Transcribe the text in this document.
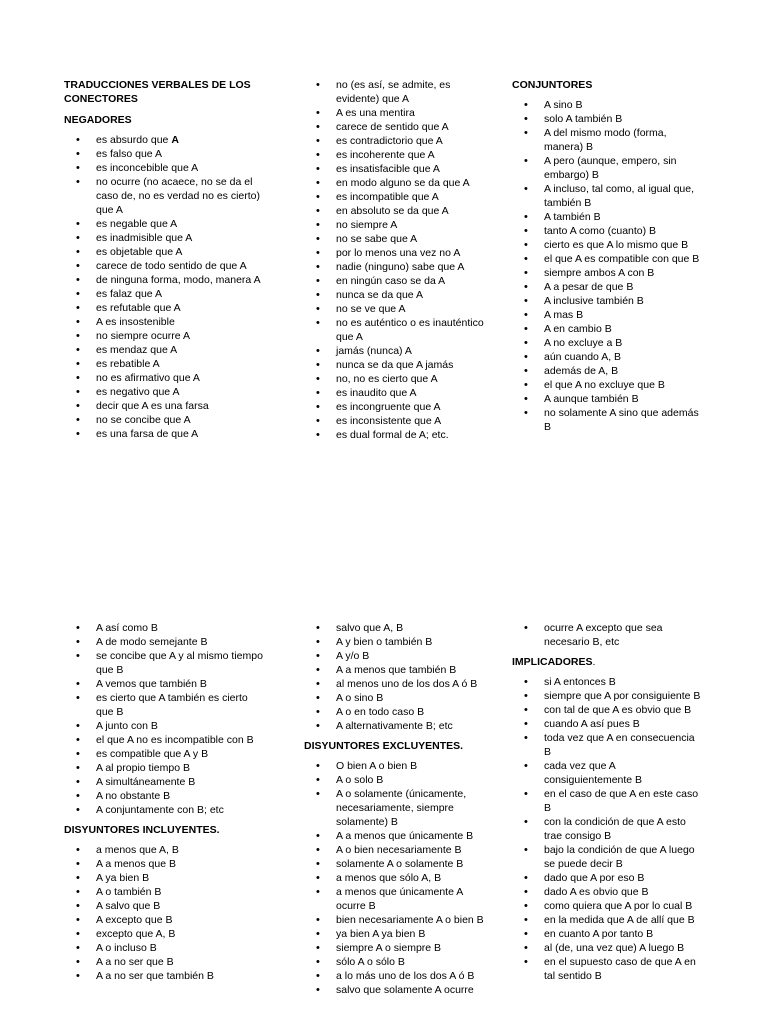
TRADUCCIONES VERBALES DE LOS CONECTORES

NEGADORES

• es absurdo que A
• es falso que A
• es inconcebible que A
• no ocurre (no acaece, no se da el caso de, no es verdad no es cierto) que A
• es negable que A
• es inadmisible que A
• es objetable que A
• carece de todo sentido de que A
• de ninguna forma, modo, manera A
• es falaz que A
• es refutable que A
• A es insostenible
• no siempre ocurre A
• es mendaz que A
• es rebatible A
• no es afirmativo que A
• es negativo que A
• decir que A es una farsa
• no se concibe que A
• es una farsa de que A
• no (es así, se admite, es evidente) que A
• A es una mentira
• carece de sentido que A
• es contradictorio que A
• es incoherente que A
• es insatisfacible que A
• en modo alguno se da que A
• es incompatible que A
• en absoluto se da que A
• no siempre A
• no se sabe que A
• por lo menos una vez no A
• nadie (ninguno) sabe que A
• en ningún caso se da A
• nunca se da que A
• no se ve que A
• no es auténtico o es inauténtico que A
• jamás (nunca) A
• nunca se da que A jamás
• no, no es cierto que A
• es inaudito que A
• es incongruente que A
• es inconsistente que A
• es dual formal de A; etc.

CONJUNTORES

• A sino B
• solo A también B
• A del mismo modo (forma, manera) B
• A pero (aunque, empero, sin embargo) B
• A incluso, tal como, al igual que, también B
• A también B
• tanto A como (cuanto) B
• cierto es que A lo mismo que B
• el que A es compatible con que B
• siempre ambos A con B
• A a pesar de que B
• A inclusive también B
• A mas B
• A en cambio B
• A no excluye a B
• aún cuando A, B
• además de A, B
• el que A no excluye que B
• A aunque también B
• no solamente A sino que además B
• A así como B
• A de modo semejante B
• se concibe que A y al mismo tiempo que B
• A vemos que también B
• es cierto que A también es cierto que B
• A junto con B
• el que A no es incompatible con B
• es compatible que A y B
• A al propio tiempo B
• A simultáneamente B
• A no obstante B
• A conjuntamente con B; etc

DISYUNTORES INCLUYENTES.

• a menos que A, B
• A a menos que B
• A ya bien B
• A o también B
• A salvo que B
• A excepto que B
• excepto que A, B
• A o incluso B
• A a no ser que B
• A a no ser que también B
• salvo que A, B
• A y bien o también B
• A y/o B
• A a menos que también B
• al menos uno de los dos A ó B
• A o sino B
• A o en todo caso B
• A alternativamente B; etc

DISYUNTORES EXCLUYENTES.

• O bien A o bien B
• A o solo B
• A o solamente (únicamente, necesariamente, siempre solamente) B
• A a menos que únicamente B
• A o bien necesariamente B
• solamente A o solamente B
• a menos que sólo A, B
• a menos que únicamente A ocurre B
• bien necesariamente A o bien B
• ya bien A ya bien B
• siempre A o siempre B
• sólo A o sólo B
• a lo más uno de los dos A ó B
• salvo que solamente A ocurre
• ocurre A excepto que sea necesario B, etc

IMPLICADORES.

• si A entonces B
• siempre que A por consiguiente B
• con tal de que A es obvio que B
• cuando A así pues B
• toda vez que A en consecuencia B
• cada vez que A consiguientemente B
• en el caso de que A en este caso B
• con la condición de que A esto trae consigo B
• bajo la condición de que A luego se puede decir B
• dado que A por eso B
• dado A es obvio que B
• como quiera que A por lo cual B
• en la medida que A de allí que B
• en cuanto A por tanto B
• al (de, una vez que) A luego B
• en el supuesto caso de que A en tal sentido B
